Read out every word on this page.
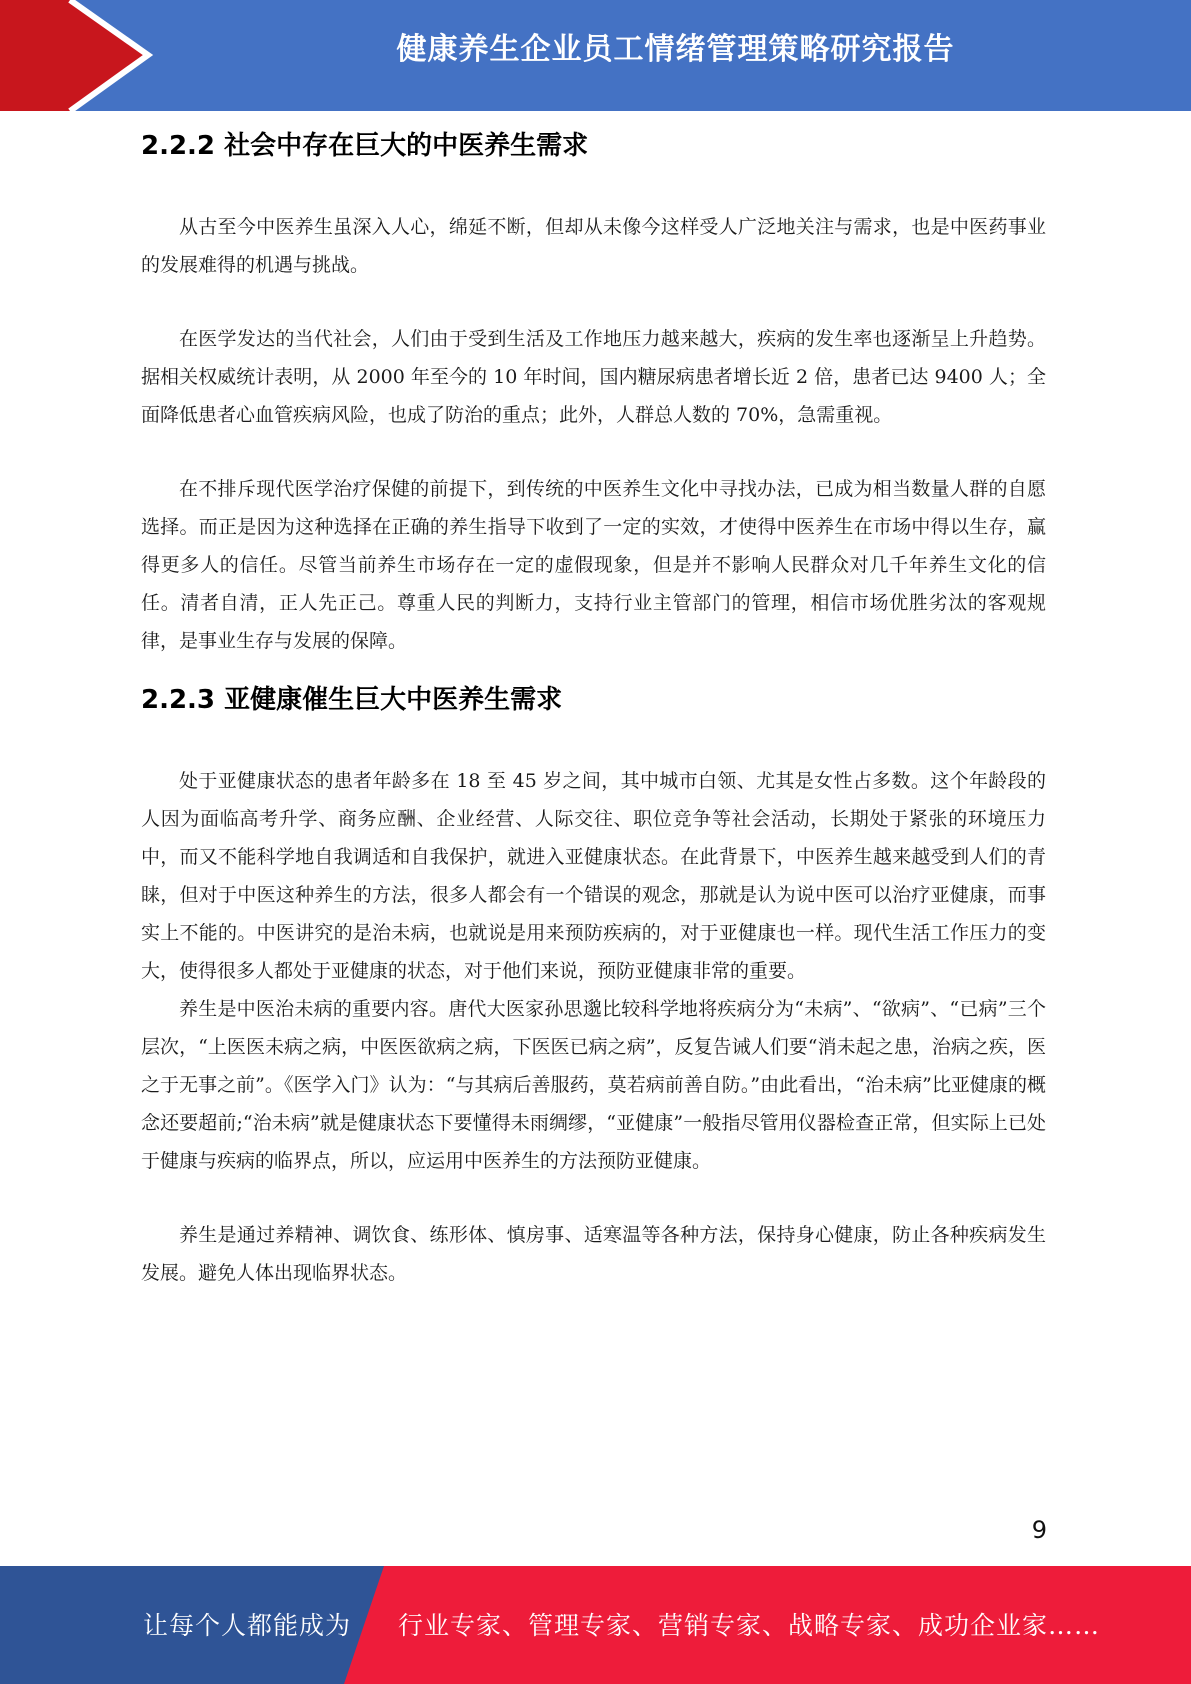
健康养生企业员工情绪管理策略研究报告
2.2.2 社会中存在巨大的中医养生需求

从古至今中医养生虽深入人心，绵延不断，但却从未像今这样受人广泛地关注与需求，也是中医药事业的发展难得的机遇与挑战。

在医学发达的当代社会，人们由于受到生活及工作地压力越来越大，疾病的发生率也逐渐呈上升趋势。据相关权威统计表明，从 2000 年至今的 10 年时间，国内糖尿病患者增长近 2 倍，患者已达 9400 人；全面降低患者心血管疾病风险，也成了防治的重点；此外，人群总人数的 70%，急需重视。

在不排斥现代医学治疗保健的前提下，到传统的中医养生文化中寻找办法，已成为相当数量人群的自愿选择。而正是因为这种选择在正确的养生指导下收到了一定的实效，才使得中医养生在市场中得以生存，赢得更多人的信任。尽管当前养生市场存在一定的虚假现象，但是并不影响人民群众对几千年养生文化的信任。清者自清，正人先正己。尊重人民的判断力，支持行业主管部门的管理，相信市场优胜劣汰的客观规律，是事业生存与发展的保障。

2.2.3 亚健康催生巨大中医养生需求

处于亚健康状态的患者年龄多在 18 至 45 岁之间，其中城市白领、尤其是女性占多数。这个年龄段的人因为面临高考升学、商务应酬、企业经营、人际交往、职位竞争等社会活动，长期处于紧张的环境压力中，而又不能科学地自我调适和自我保护，就进入亚健康状态。在此背景下，中医养生越来越受到人们的青睐，但对于中医这种养生的方法，很多人都会有一个错误的观念，那就是认为说中医可以治疗亚健康，而事实上不能的。中医讲究的是治未病，也就说是用来预防疾病的，对于亚健康也一样。现代生活工作压力的变大，使得很多人都处于亚健康的状态，对于他们来说，预防亚健康非常的重要。

养生是中医治未病的重要内容。唐代大医家孙思邈比较科学地将疾病分为“未病”、“欲病”、“已病”三个层次，“上医医未病之病，中医医欲病之病，下医医已病之病”，反复告诫人们要“消未起之患，治病之疾，医之于无事之前”。《医学入门》认为：“与其病后善服药，莫若病前善自防。”由此看出，“治未病”比亚健康的概念还要超前;“治未病”就是健康状态下要懂得未雨绸缪，“亚健康”一般指尽管用仪器检查正常，但实际上已处于健康与疾病的临界点，所以，应运用中医养生的方法预防亚健康。

养生是通过养精神、调饮食、练形体、慎房事、适寒温等各种方法，保持身心健康，防止各种疾病发生发展。避免人体出现临界状态。

9
让每个人都能成为 行业专家、管理专家、营销专家、战略专家、成功企业家……
